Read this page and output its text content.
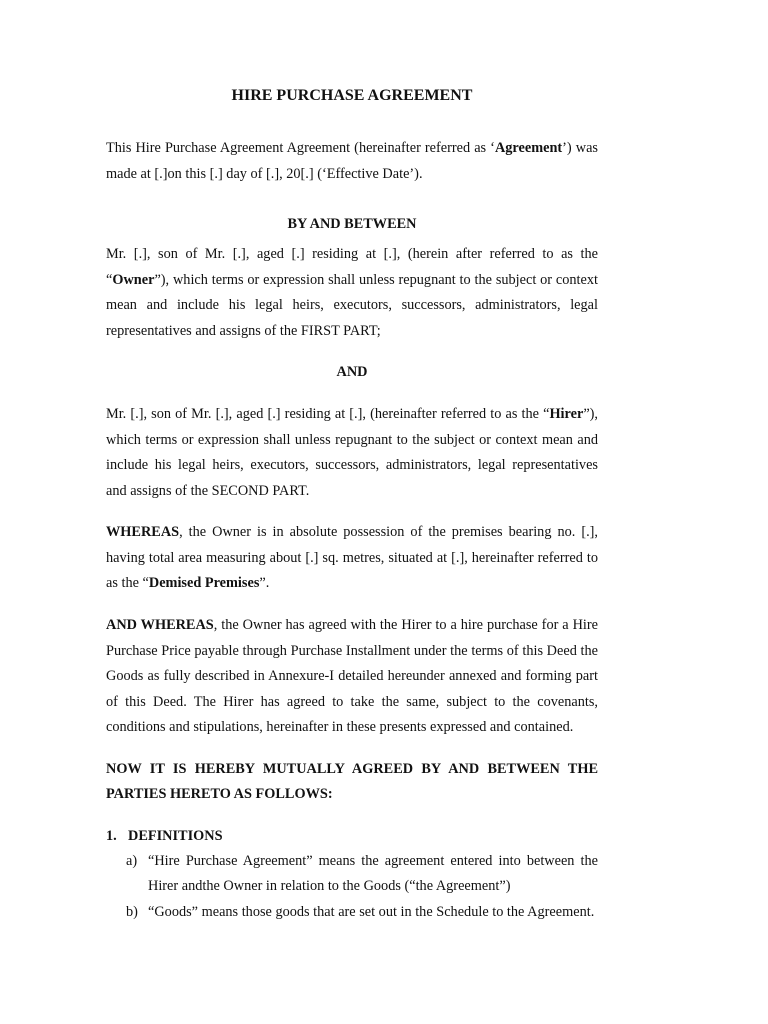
HIRE PURCHASE AGREEMENT
This Hire Purchase Agreement Agreement (hereinafter referred as ‘Agreement’) was
made at [.]on this [.] day of [.], 20[.] (‘Effective Date’).
BY AND BETWEEN
Mr. [.], son of Mr. [.], aged [.] residing at [.], (herein after referred to as the
“Owner”), which terms or expression shall unless repugnant to the subject or context
mean and include his legal heirs, executors, successors, administrators, legal
representatives and assigns of the FIRST PART;
AND
Mr. [.], son of Mr. [.], aged [.] residing at [.], (hereinafter referred to as the “Hirer”),
which terms or expression shall unless repugnant to the subject or context mean and
include his legal heirs, executors, successors, administrators, legal representatives
and assigns of the SECOND PART.
WHEREAS, the Owner is in absolute possession of the premises bearing no. [.],
having total area measuring about [.] sq. metres, situated at [.], hereinafter referred to
as the “Demised Premises”.
AND WHEREAS, the Owner has agreed with the Hirer to a hire purchase for a Hire
Purchase Price payable through Purchase Installment under the terms of this Deed the
Goods as fully described in Annexure-I detailed hereunder annexed and forming part
of this Deed. The Hirer has agreed to take the same, subject to the covenants,
conditions and stipulations, hereinafter in these presents expressed and contained.
NOW IT IS HEREBY MUTUALLY AGREED BY AND BETWEEN THE
PARTIES HERETO AS FOLLOWS:
1. DEFINITIONS
a) “Hire Purchase Agreement” means the agreement entered into between the
Hirer andthe Owner in relation to the Goods (“the Agreement”)
b) “Goods” means those goods that are set out in the Schedule to the Agreement.
